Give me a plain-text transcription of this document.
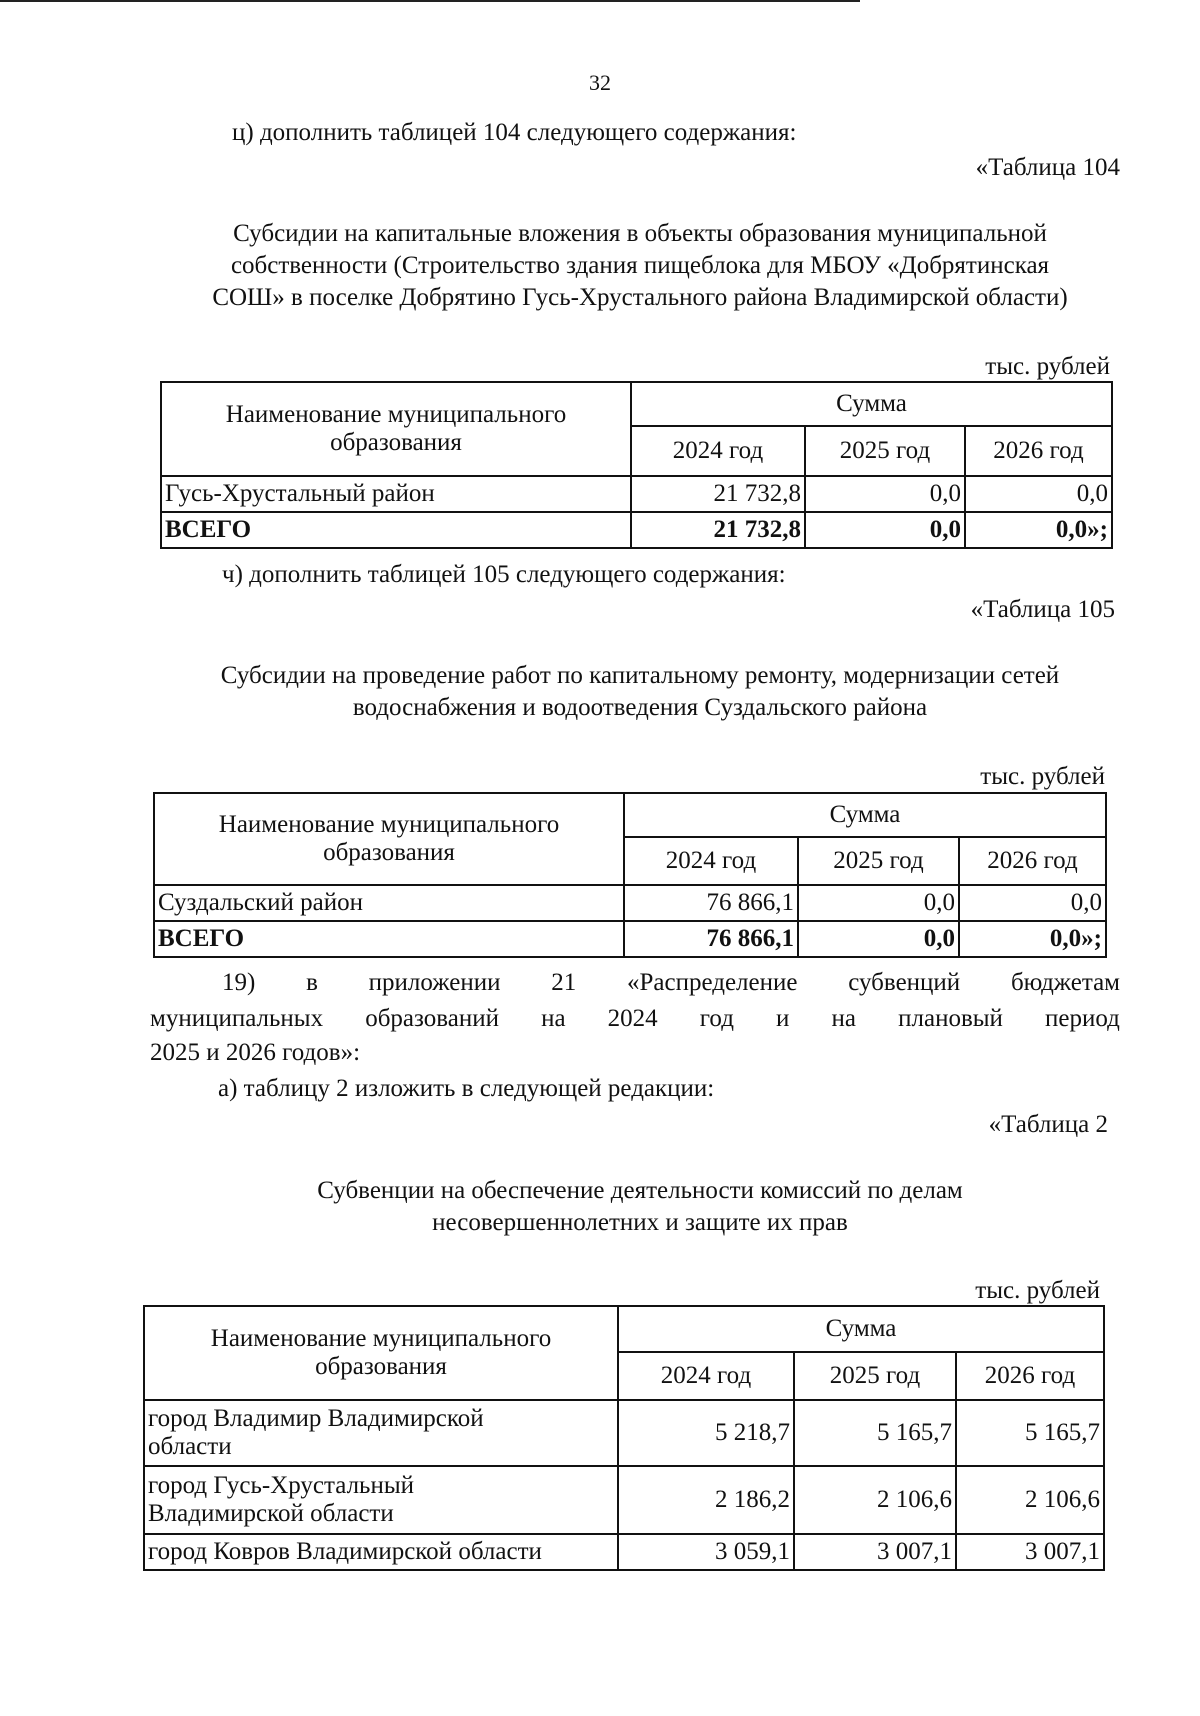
32
ц) дополнить таблицей 104 следующего содержания:
«Таблица 104
Субсидии на капитальные вложения в объекты образования муниципальной
собственности (Строительство здания пищеблока для МБОУ «Добрятинская
СОШ» в поселке Добрятино Гусь-Хрустального района Владимирской области)
тыс. рублей
Наименование муниципального
образования	Сумма		
	2024 год	2025 год	2026 год
Гусь-Хрустальный район	21 732,8	0,0	0,0
ВСЕГО	21 732,8	0,0	0,0»;
ч) дополнить таблицей 105 следующего содержания:
«Таблица 105
Субсидии на проведение работ по капитальному ремонту, модернизации сетей
водоснабжения и водоотведения Суздальского района
тыс. рублей
Наименование муниципального
образования	Сумма		
	2024 год	2025 год	2026 год
Суздальский район	76 866,1	0,0	0,0
ВСЕГО	76 866,1	0,0	0,0»;
19) в приложении 21 «Распределение субвенций бюджетам
муниципальных образований на 2024 год и на плановый период
2025 и 2026 годов»:
а) таблицу 2 изложить в следующей редакции:
«Таблица 2
Субвенции на обеспечение деятельности комиссий по делам
несовершеннолетних и защите их прав
тыс. рублей
Наименование муниципального
образования	Сумма		
	2024 год	2025 год	2026 год

город Владимир Владимирской
области	5 218,7	5 165,7	5 165,7

город Гусь-Хрустальный
Владимирской области	2 186,2	2 106,6	2 106,6
город Ковров Владимирской области	3 059,1	3 007,1	3 007,1
